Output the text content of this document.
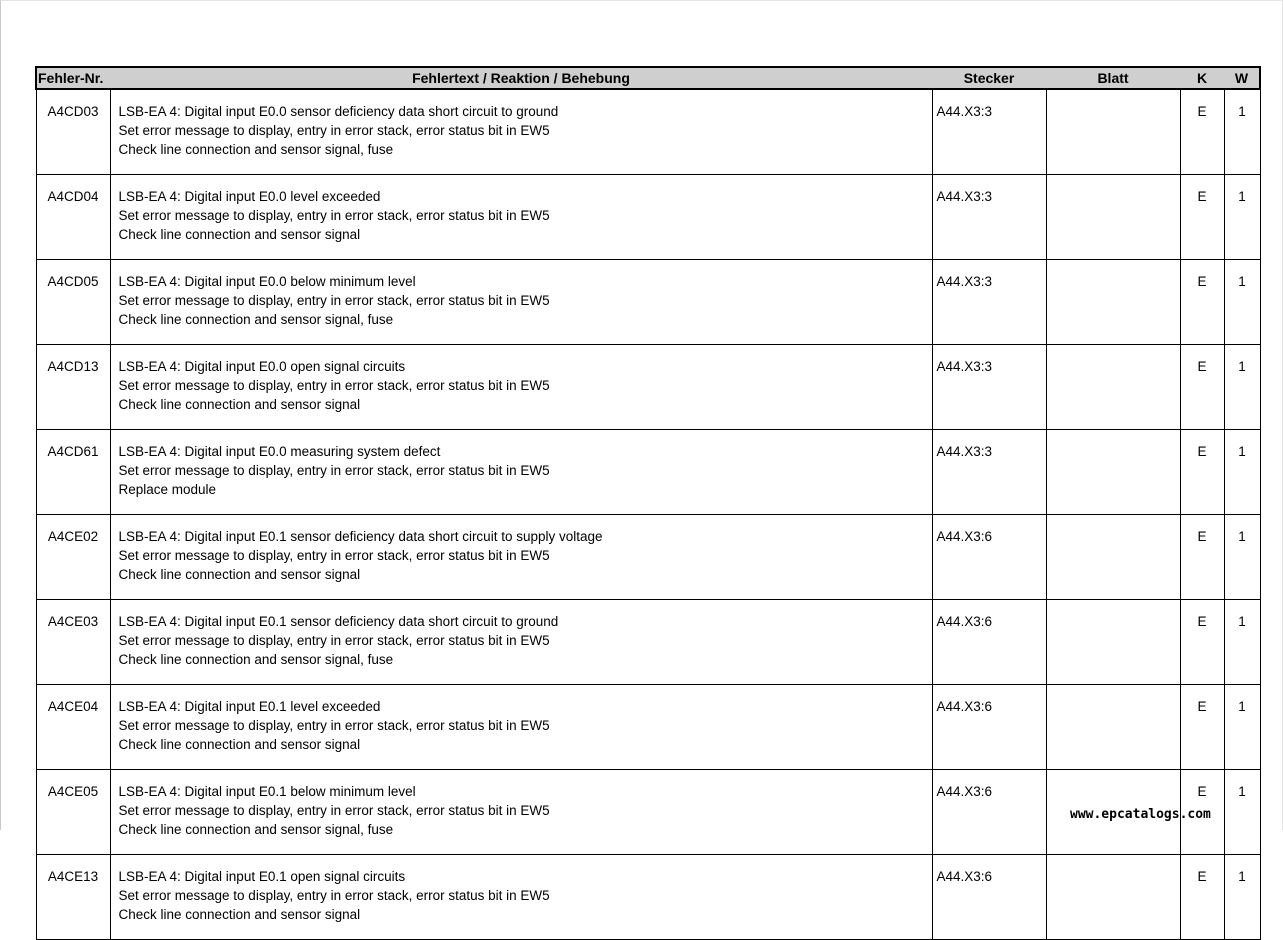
Fehler-Nr.	Fehlertext / Reaktion / Behebung	Stecker	Blatt	K	W
A4CD03	LSB-EA 4: Digital input E0.0 sensor deficiency data short circuit to ground
Set error message to display, entry in error stack, error status bit in EW5
Check line connection and sensor signal, fuse	A44.X3:3		E	1
A4CD04	LSB-EA 4: Digital input E0.0 level exceeded
Set error message to display, entry in error stack, error status bit in EW5
Check line connection and sensor signal	A44.X3:3		E	1
A4CD05	LSB-EA 4: Digital input E0.0 below minimum level
Set error message to display, entry in error stack, error status bit in EW5
Check line connection and sensor signal, fuse	A44.X3:3		E	1
A4CD13	LSB-EA 4: Digital input E0.0 open signal circuits
Set error message to display, entry in error stack, error status bit in EW5
Check line connection and sensor signal	A44.X3:3		E	1
A4CD61	LSB-EA 4: Digital input E0.0 measuring system defect
Set error message to display, entry in error stack, error status bit in EW5
Replace module	A44.X3:3		E	1
A4CE02	LSB-EA 4: Digital input E0.1 sensor deficiency data short circuit to supply voltage
Set error message to display, entry in error stack, error status bit in EW5
Check line connection and sensor signal	A44.X3:6		E	1
A4CE03	LSB-EA 4: Digital input E0.1 sensor deficiency data short circuit to ground
Set error message to display, entry in error stack, error status bit in EW5
Check line connection and sensor signal, fuse	A44.X3:6		E	1
A4CE04	LSB-EA 4: Digital input E0.1 level exceeded
Set error message to display, entry in error stack, error status bit in EW5
Check line connection and sensor signal	A44.X3:6		E	1
A4CE05	LSB-EA 4: Digital input E0.1 below minimum level
Set error message to display, entry in error stack, error status bit in EW5
Check line connection and sensor signal, fuse	A44.X3:6		E	1
A4CE13	LSB-EA 4: Digital input E0.1 open signal circuits
Set error message to display, entry in error stack, error status bit in EW5
Check line connection and sensor signal	A44.X3:6		E	1
www.epcatalogs.com
